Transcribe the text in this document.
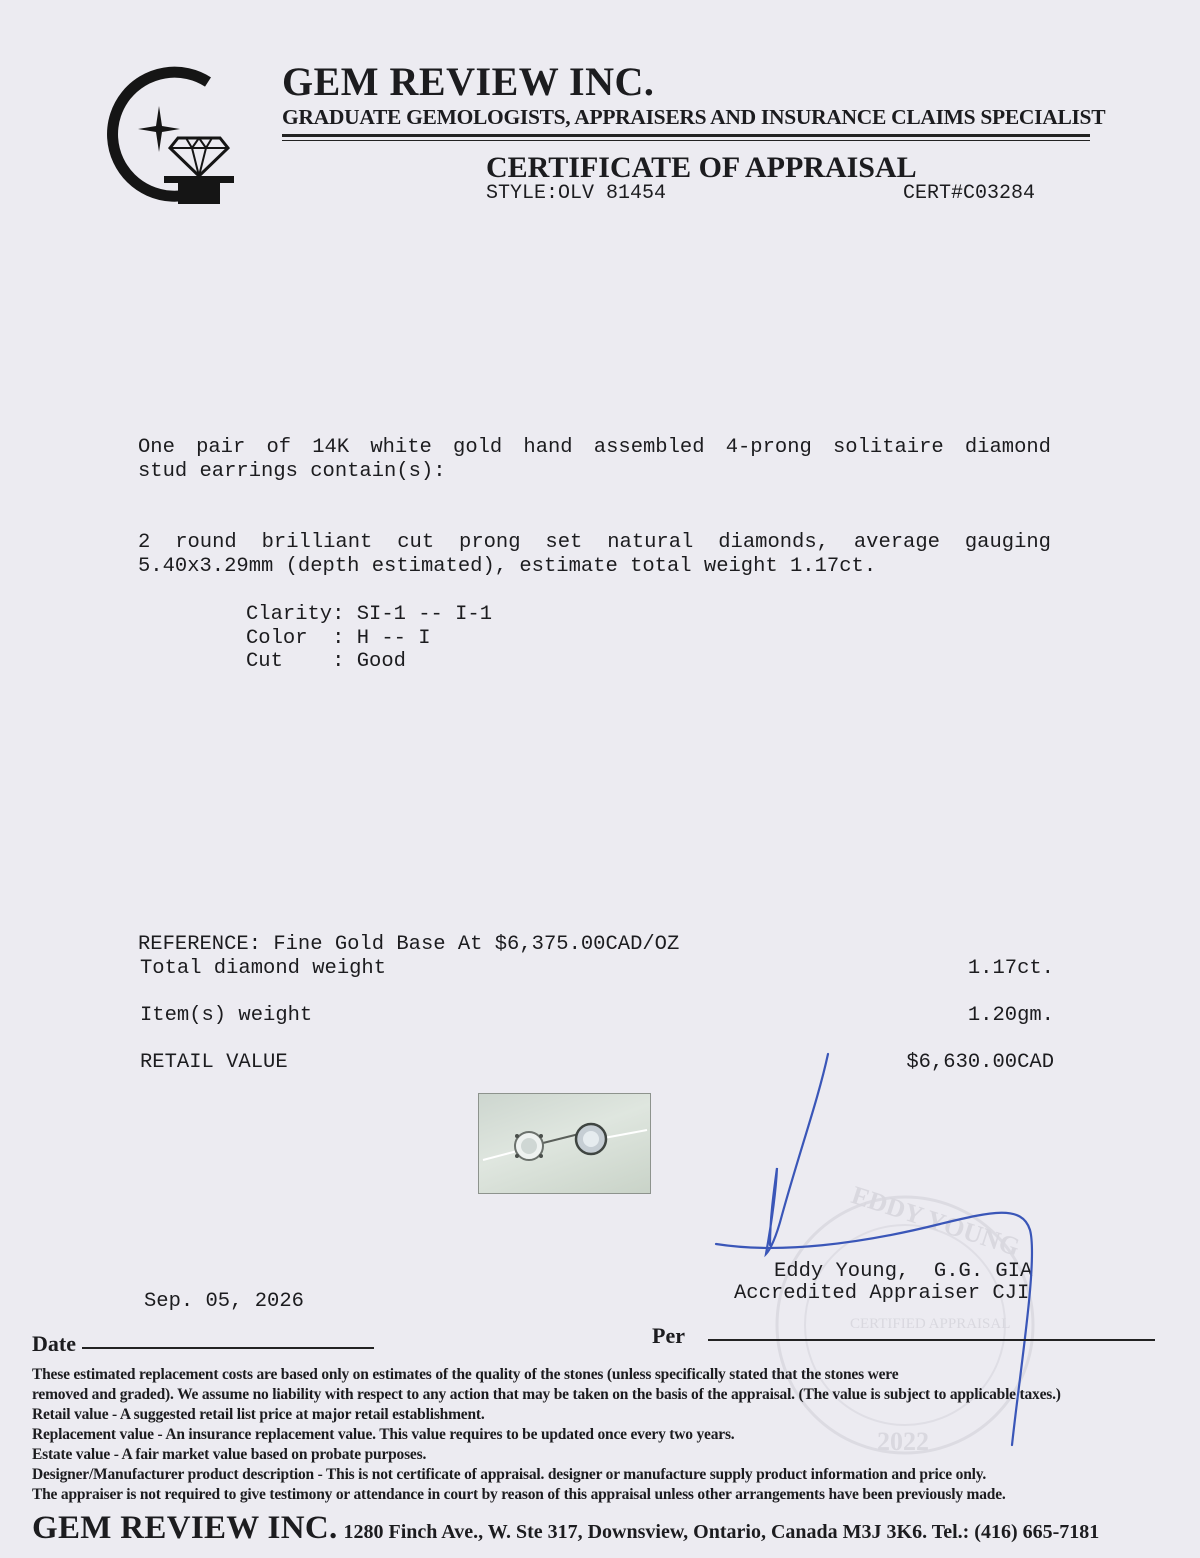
GEM REVIEW INC.
GRADUATE GEMOLOGISTS, APPRAISERS AND INSURANCE CLAIMS SPECIALIST
CERTIFICATE OF APPRAISAL
STYLE:OLV 81454	CERT#C03284
One pair of 14K white gold hand assembled 4-prong solitaire diamond
stud earrings contain(s):
2 round brilliant cut prong set natural diamonds, average gauging
5.40x3.29mm (depth estimated), estimate total weight 1.17ct.
Clarity: SI-1 -- I-1
Color  : H -- I
Cut    : Good
REFERENCE: Fine Gold Base At $6,375.00CAD/OZ
Total diamond weight	1.17ct.
Item(s) weight	1.20gm.
RETAIL VALUE	$6,630.00CAD
EDDY YOUNG
CERTIFIED APPRAISAL
2022
Eddy Young,  G.G. GIA
Accredited Appraiser CJI
Sep. 05, 2026
Date	Per
These estimated replacement costs are based only on estimates of the quality of the stones (unless specifically stated that the stones were
removed and graded). We assume no liability with respect to any action that may be taken on the basis of the appraisal. (The value is subject to applicable taxes.)
Retail value - A suggested retail list price at major retail establishment.
Replacement value - An insurance replacement value. This value requires to be updated once every two years.
Estate value - A fair market value based on probate purposes.
Designer/Manufacturer product description - This is not certificate of appraisal. designer or manufacture supply product information and price only.
The appraiser is not required to give testimony or attendance in court by reason of this appraisal unless other arrangements have been previously made.
GEM REVIEW INC. 1280 Finch Ave., W. Ste 317, Downsview, Ontario, Canada M3J 3K6. Tel.: (416) 665-7181
